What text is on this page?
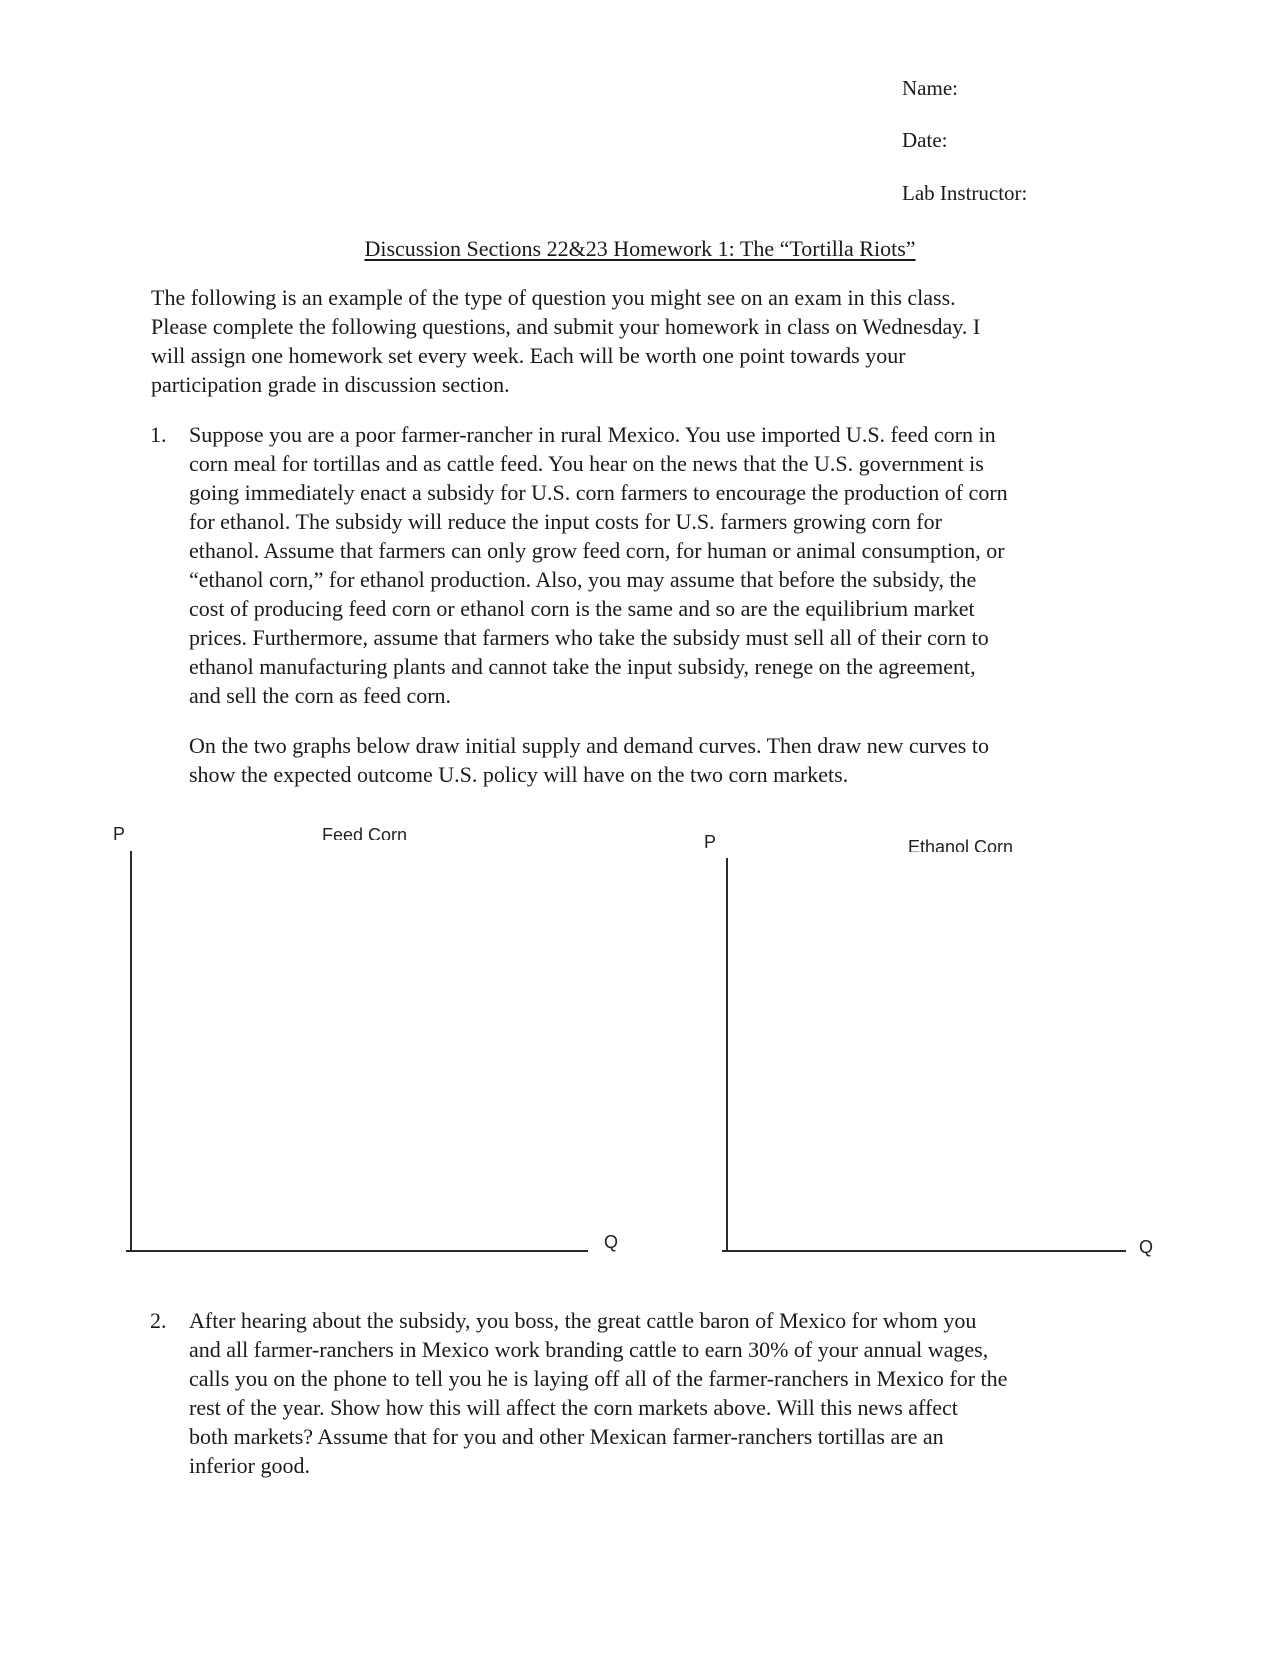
Name:
Date:
Lab Instructor:
Discussion Sections 22&23 Homework 1: The “Tortilla Riots”
The following is an example of the type of question you might see on an exam in this class.
Please complete the following questions, and submit your homework in class on Wednesday. I
will assign one homework set every week. Each will be worth one point towards your
participation grade in discussion section.
1. Suppose you are a poor farmer-rancher in rural Mexico. You use imported U.S. feed corn in
corn meal for tortillas and as cattle feed. You hear on the news that the U.S. government is
going immediately enact a subsidy for U.S. corn farmers to encourage the production of corn
for ethanol. The subsidy will reduce the input costs for U.S. farmers growing corn for
ethanol. Assume that farmers can only grow feed corn, for human or animal consumption, or
“ethanol corn,” for ethanol production. Also, you may assume that before the subsidy, the
cost of producing feed corn or ethanol corn is the same and so are the equilibrium market
prices. Furthermore, assume that farmers who take the subsidy must sell all of their corn to
ethanol manufacturing plants and cannot take the input subsidy, renege on the agreement,
and sell the corn as feed corn.
On the two graphs below draw initial supply and demand curves. Then draw new curves to
show the expected outcome U.S. policy will have on the two corn markets.
P	Feed Corn
Q
P	Ethanol Corn
Q
2. After hearing about the subsidy, you boss, the great cattle baron of Mexico for whom you
and all farmer-ranchers in Mexico work branding cattle to earn 30% of your annual wages,
calls you on the phone to tell you he is laying off all of the farmer-ranchers in Mexico for the
rest of the year. Show how this will affect the corn markets above. Will this news affect
both markets? Assume that for you and other Mexican farmer-ranchers tortillas are an
inferior good.
